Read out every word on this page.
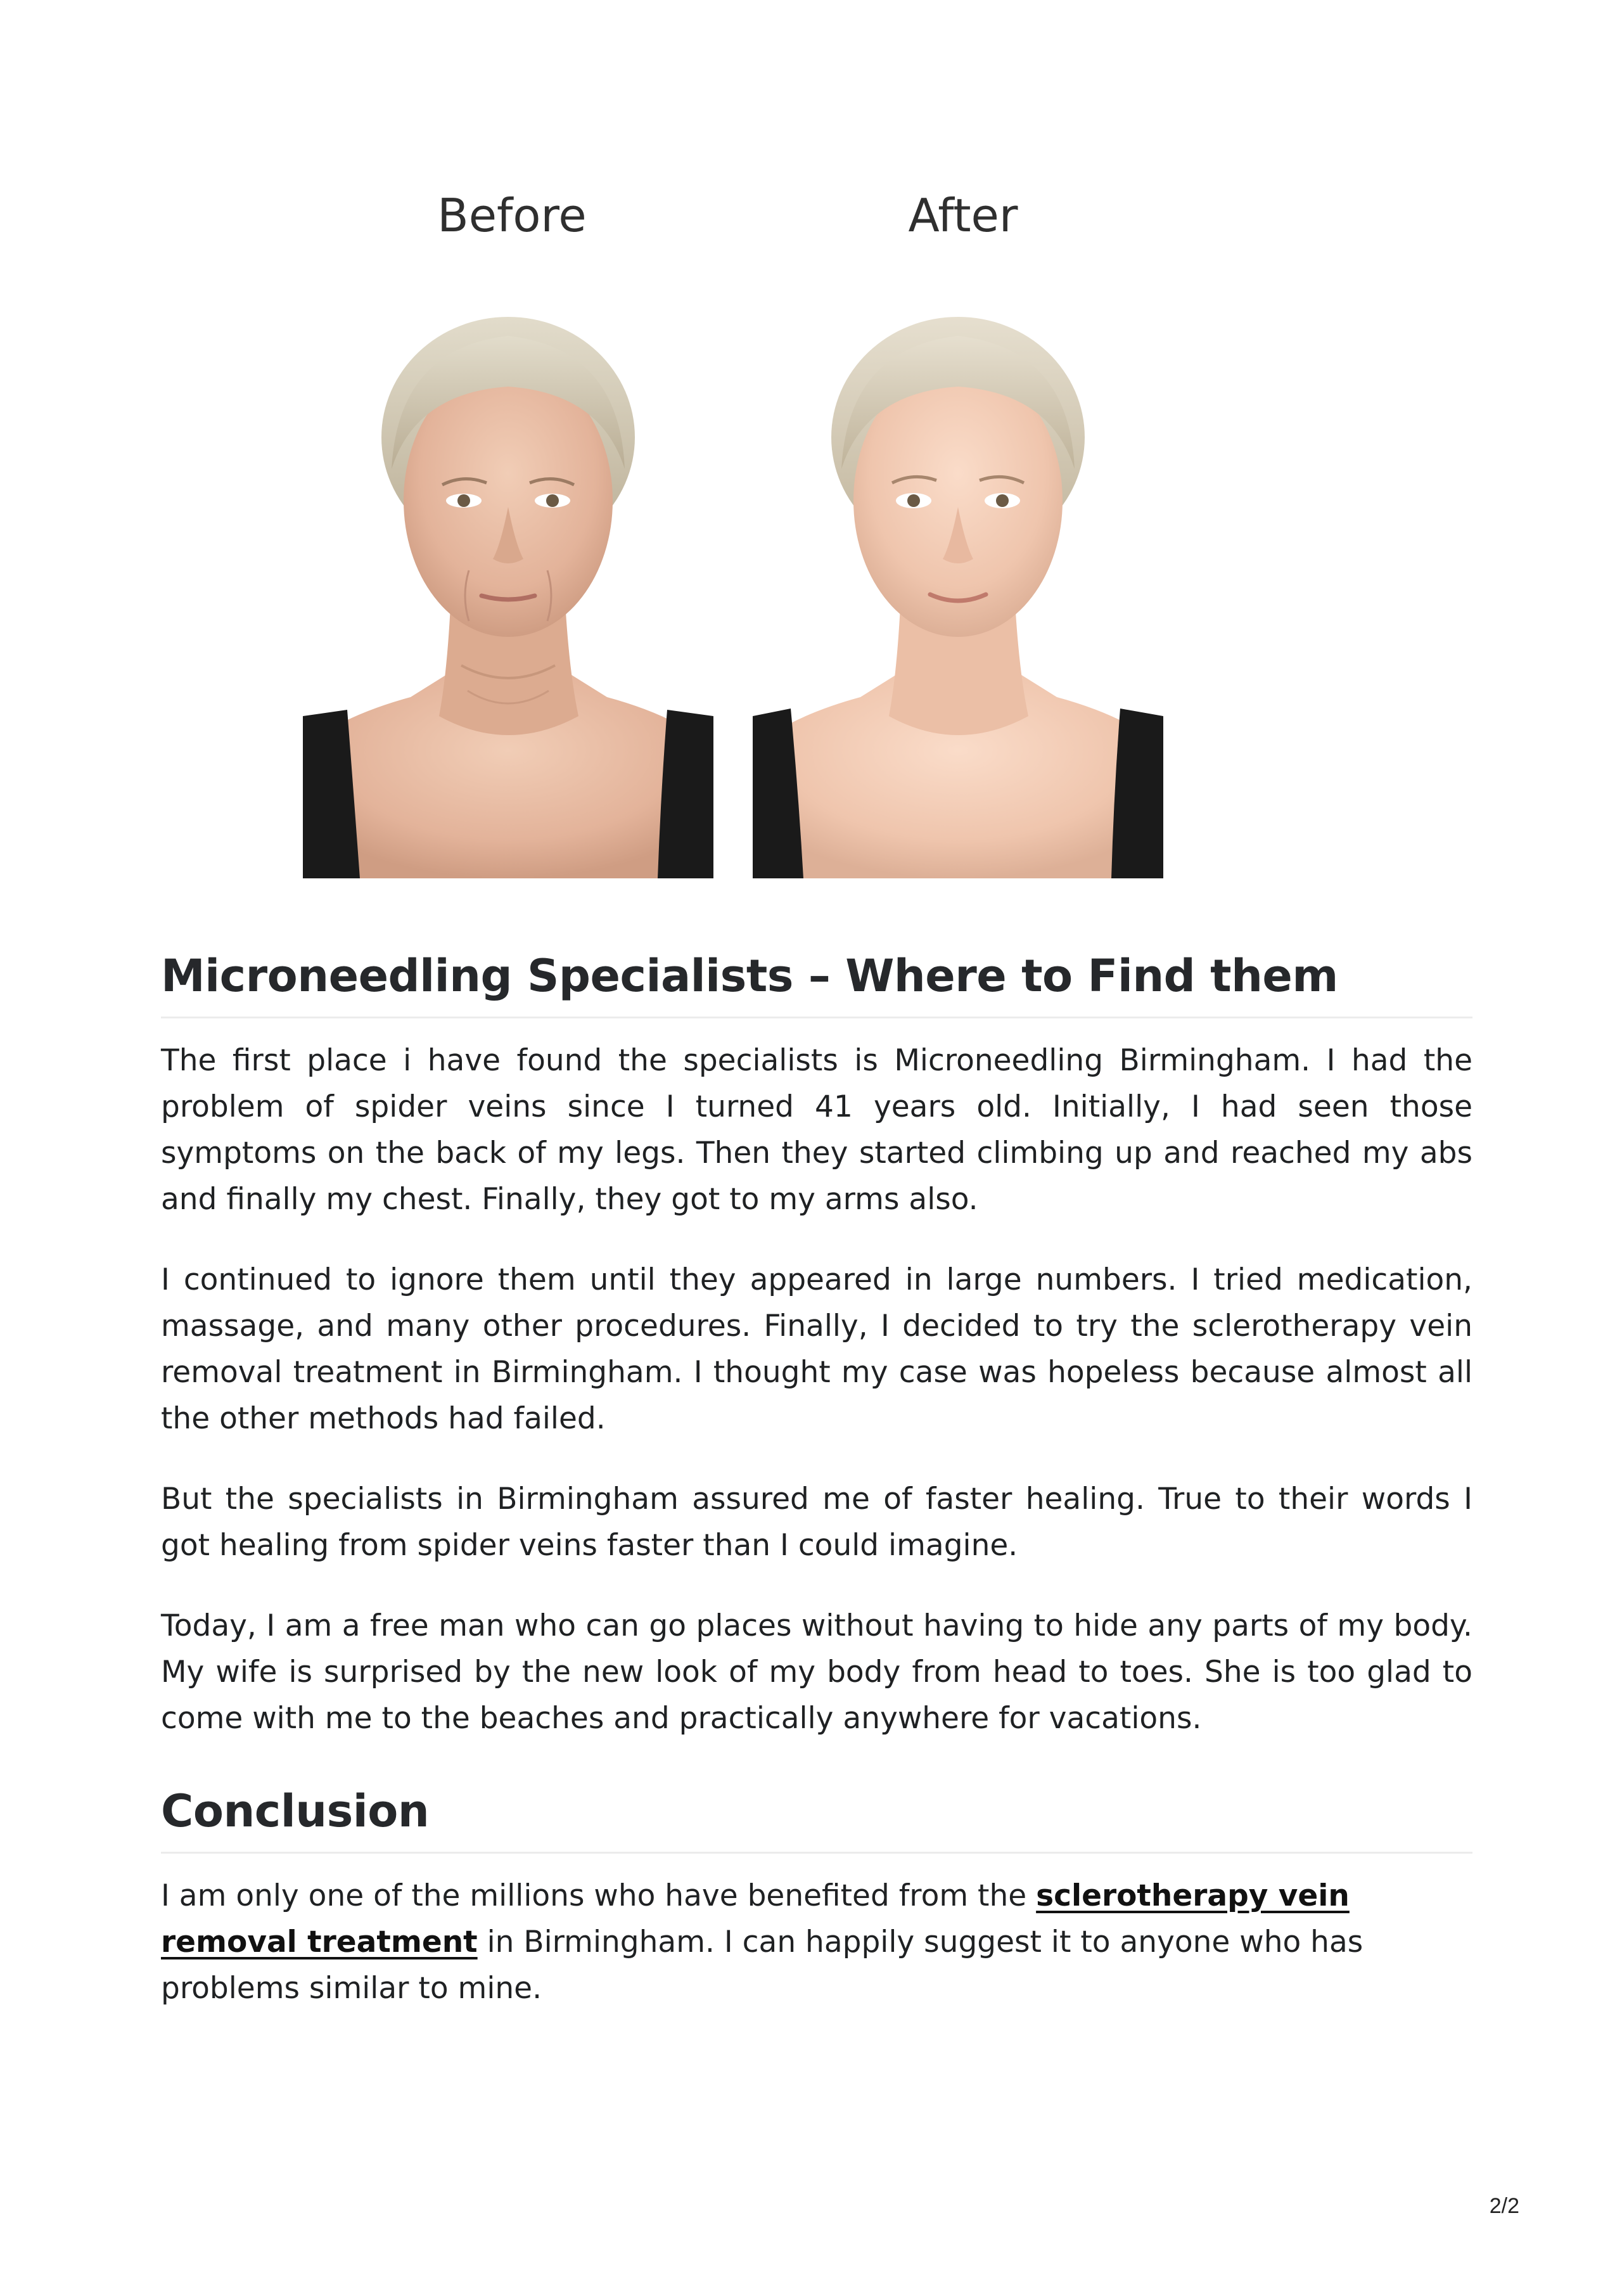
Before	After
Microneedling Specialists – Where to Find them

The first place i have found the specialists is Microneedling Birmingham. I had the problem of spider veins since I turned 41 years old. Initially, I had seen those symptoms on the back of my legs. Then they started climbing up and reached my abs and finally my chest. Finally, they got to my arms also.

I continued to ignore them until they appeared in large numbers. I tried medication, massage, and many other procedures. Finally, I decided to try the sclerotherapy vein removal treatment in Birmingham. I thought my case was hopeless because almost all the other methods had failed.

But the specialists in Birmingham assured me of faster healing. True to their words I got healing from spider veins faster than I could imagine.

Today, I am a free man who can go places without having to hide any parts of my body. My wife is surprised by the new look of my body from head to toes. She is too glad to come with me to the beaches and practically anywhere for vacations.

Conclusion

I am only one of the millions who have benefited from the sclerotherapy vein removal treatment in Birmingham. I can happily suggest it to anyone who has problems similar to mine.

2/2
